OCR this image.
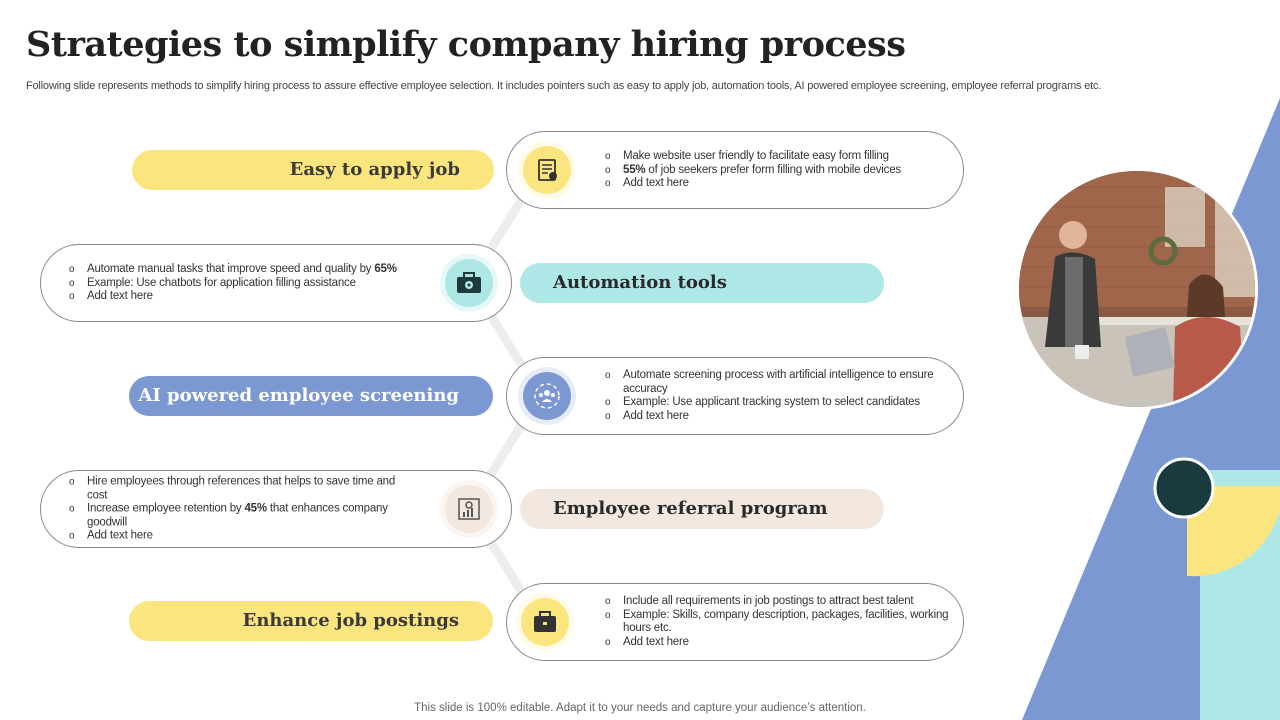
Strategies to simplify company hiring process

Following slide represents methods to simplify hiring process to assure effective employee selection. It includes pointers such as easy to apply job, automation tools, AI powered employee screening, employee referral programs etc.

Easy to apply job
o Make website user friendly to facilitate easy form filling
o 55% of job seekers prefer form filling with mobile devices
o Add text here
o Automate manual tasks that improve speed and quality by 65%
o Example: Use chatbots for application filling assistance
o Add text here
Automation tools
AI powered employee screening
o Automate screening process with artificial intelligence to ensure accuracy
o Example: Use applicant tracking system to select candidates
o Add text here
o Hire employees through references that helps to save time and cost
o Increase employee retention by 45% that enhances company goodwill
o Add text here
Employee referral program
Enhance job postings
o Include all requirements in job postings to attract best talent
o Example: Skills, company description, packages, facilities, working hours etc.
o Add text here

This slide is 100% editable. Adapt it to your needs and capture your audience’s attention.
